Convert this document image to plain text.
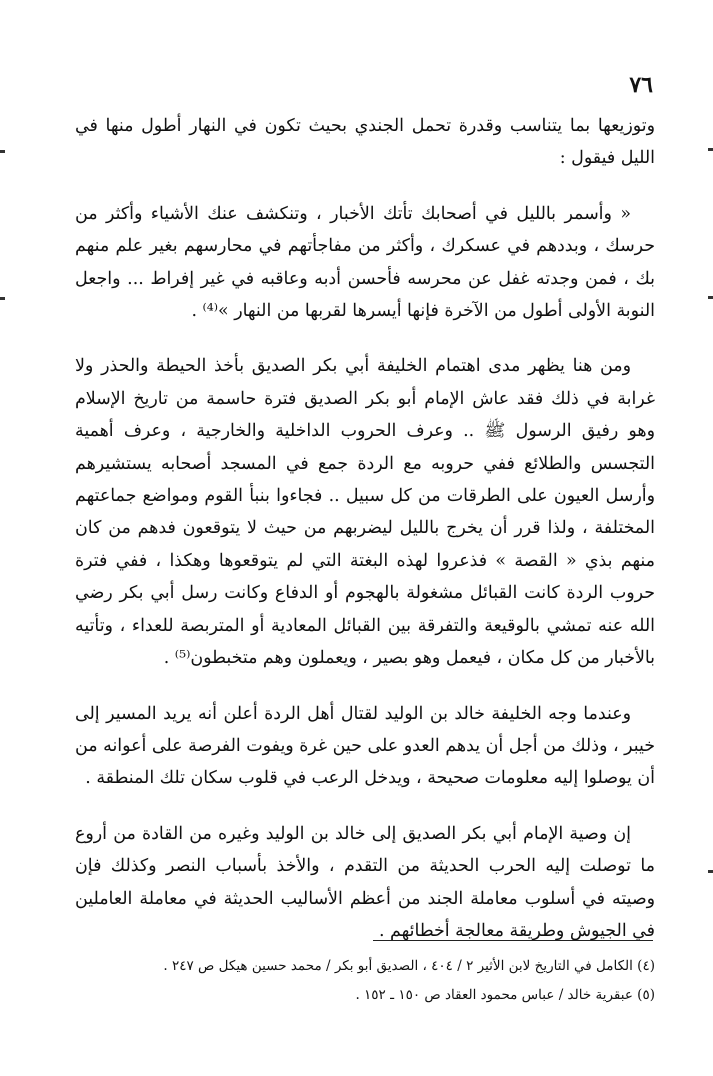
٧٦

وتوزيعها بما يتناسب وقدرة تحمل الجندي بحيث تكون في النهار أطول منها في الليل فيقول :

« وأسمر بالليل في أصحابك تأتك الأخبار ، وتنكشف عنك الأشياء وأكثر من حرسك ، وبددهم في عسكرك ، وأكثر من مفاجأتهم في محارسهم بغير علم منهم بك ، فمن وجدته غفل عن محرسه فأحسن أدبه وعاقبه في غير إفراط ... واجعل النوبة الأولى أطول من الآخرة فإنها أيسرها لقربها من النهار »⁽⁴⁾ .

ومن هنا يظهر مدى اهتمام الخليفة أبي بكر الصديق بأخذ الحيطة والحذر ولا غرابة في ذلك فقد عاش الإمام أبو بكر الصديق فترة حاسمة من تاريخ الإسلام وهو رفيق الرسول ﷺ .. وعرف الحروب الداخلية والخارجية ، وعرف أهمية التجسس والطلائع ففي حروبه مع الردة جمع في المسجد أصحابه يستشيرهم وأرسل العيون على الطرقات من كل سبيل .. فجاءوا بنبأ القوم ومواضع جماعتهم المختلفة ، ولذا قرر أن يخرج بالليل ليضربهم من حيث لا يتوقعون فدهم من كان منهم بذي « القصة » فذعروا لهذه البغتة التي لم يتوقعوها وهكذا ، ففي فترة حروب الردة كانت القبائل مشغولة بالهجوم أو الدفاع وكانت رسل أبي بكر رضي الله عنه تمشي بالوقيعة والتفرقة بين القبائل المعادية أو المتربصة للعداء ، وتأتيه بالأخبار من كل مكان ، فيعمل وهو بصير ، ويعملون وهم متخبطون⁽⁵⁾ .

وعندما وجه الخليفة خالد بن الوليد لقتال أهل الردة أعلن أنه يريد المسير إلى خيبر ، وذلك من أجل أن يدهم العدو على حين غرة ويفوت الفرصة على أعوانه من أن يوصلوا إليه معلومات صحيحة ، ويدخل الرعب في قلوب سكان تلك المنطقة .

إن وصية الإمام أبي بكر الصديق إلى خالد بن الوليد وغيره من القادة من أروع ما توصلت إليه الحرب الحديثة من التقدم ، والأخذ بأسباب النصر وكذلك فإن وصيته في أسلوب معاملة الجند من أعظم الأساليب الحديثة في معاملة العاملين في الجيوش وطريقة معالجة أخطائهم .

(٤) الكامل في التاريخ لابن الأثير ٢ / ٤٠٤ ، الصديق أبو بكر / محمد حسين هيكل ص ٢٤٧ .

(٥) عبقرية خالد / عباس محمود العقاد ص ١٥٠ ـ ١٥٢ .
